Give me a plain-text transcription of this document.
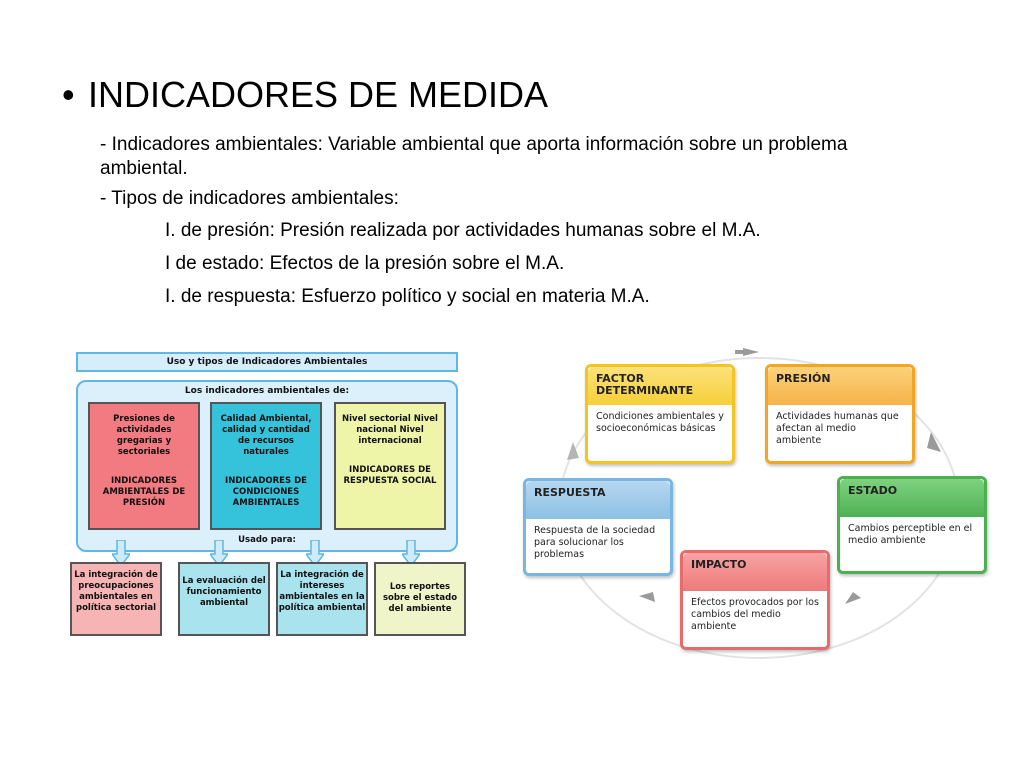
• INDICADORES DE MEDIDA
- Indicadores ambientales: Variable ambiental que aporta información sobre un problema ambiental.
- Tipos de indicadores ambientales:
I. de presión: Presión realizada por actividades humanas sobre el M.A.
I de estado: Efectos de la presión sobre el M.A.
I. de respuesta: Esfuerzo político y social en materia M.A.
Uso y tipos de Indicadores Ambientales
Los indicadores ambientales de:
Presiones de actividades gregarias y sectoriales
INDICADORES AMBIENTALES DE PRESIÓN
Calidad Ambiental, calidad y cantidad de recursos naturales
INDICADORES DE CONDICIONES AMBIENTALES
Nivel sectorial Nivel nacional Nivel internacional
INDICADORES DE RESPUESTA SOCIAL
Usado para:
La integración de preocupaciones ambientales en política sectorial
La evaluación del funcionamiento ambiental
La integración de intereses ambientales en la política ambiental
Los reportes sobre el estado del ambiente
FACTOR DETERMINANTE
Condiciones ambientales y socioeconómicas básicas
PRESIÓN
Actividades humanas que afectan al medio ambiente
ESTADO
Cambios perceptible en el medio ambiente
RESPUESTA
Respuesta de la sociedad para solucionar los problemas
IMPACTO
Efectos provocados por los cambios del medio ambiente
